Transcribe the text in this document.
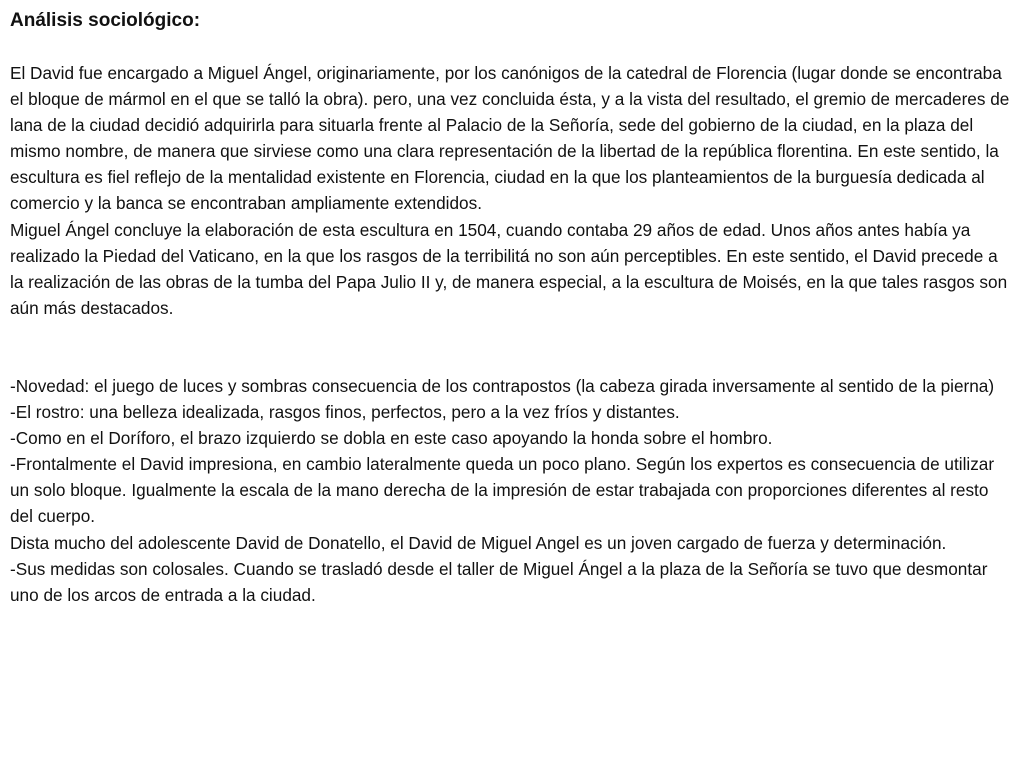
Análisis sociológico:

El David fue encargado a Miguel Ángel, originariamente, por los canónigos de la catedral de Florencia (lugar donde se encontraba el bloque de mármol en el que se talló la obra). pero, una vez concluida ésta, y a la vista del resultado, el gremio de mercaderes de lana de la ciudad decidió adquirirla para situarla frente al Palacio de la Señoría, sede del gobierno de la ciudad, en la plaza del mismo nombre, de manera que sirviese como una clara representación de la libertad de la república florentina. En este sentido, la escultura es fiel reflejo de la mentalidad existente en Florencia, ciudad en la que los planteamientos de la burguesía dedicada al comercio y la banca se encontraban ampliamente extendidos.

Miguel Ángel concluye la elaboración de esta escultura en 1504, cuando contaba 29 años de edad. Unos años antes había ya realizado la Piedad del Vaticano, en la que los rasgos de la terribilitá no son aún perceptibles. En este sentido, el David precede a la realización de las obras de la tumba del Papa Julio II y, de manera especial, a la escultura de Moisés, en la que tales rasgos son aún más destacados.

-Novedad: el juego de luces y sombras consecuencia de los contrapostos (la cabeza girada inversamente al sentido de la pierna)

-El rostro: una belleza idealizada, rasgos finos, perfectos, pero a la vez fríos y distantes.

-Como en el Doríforo, el brazo izquierdo se dobla en este caso apoyando la honda sobre el hombro.

-Frontalmente el David impresiona, en cambio lateralmente queda un poco plano. Según los expertos es consecuencia de utilizar un solo bloque. Igualmente la escala de la mano derecha de la impresión de estar trabajada con proporciones diferentes al resto del cuerpo.

Dista mucho del adolescente David de Donatello, el David de Miguel Angel es un joven cargado de fuerza y determinación.

-Sus medidas son colosales. Cuando se trasladó desde el taller de Miguel Ángel a la plaza de la Señoría se tuvo que desmontar uno de los arcos de entrada a la ciudad.
